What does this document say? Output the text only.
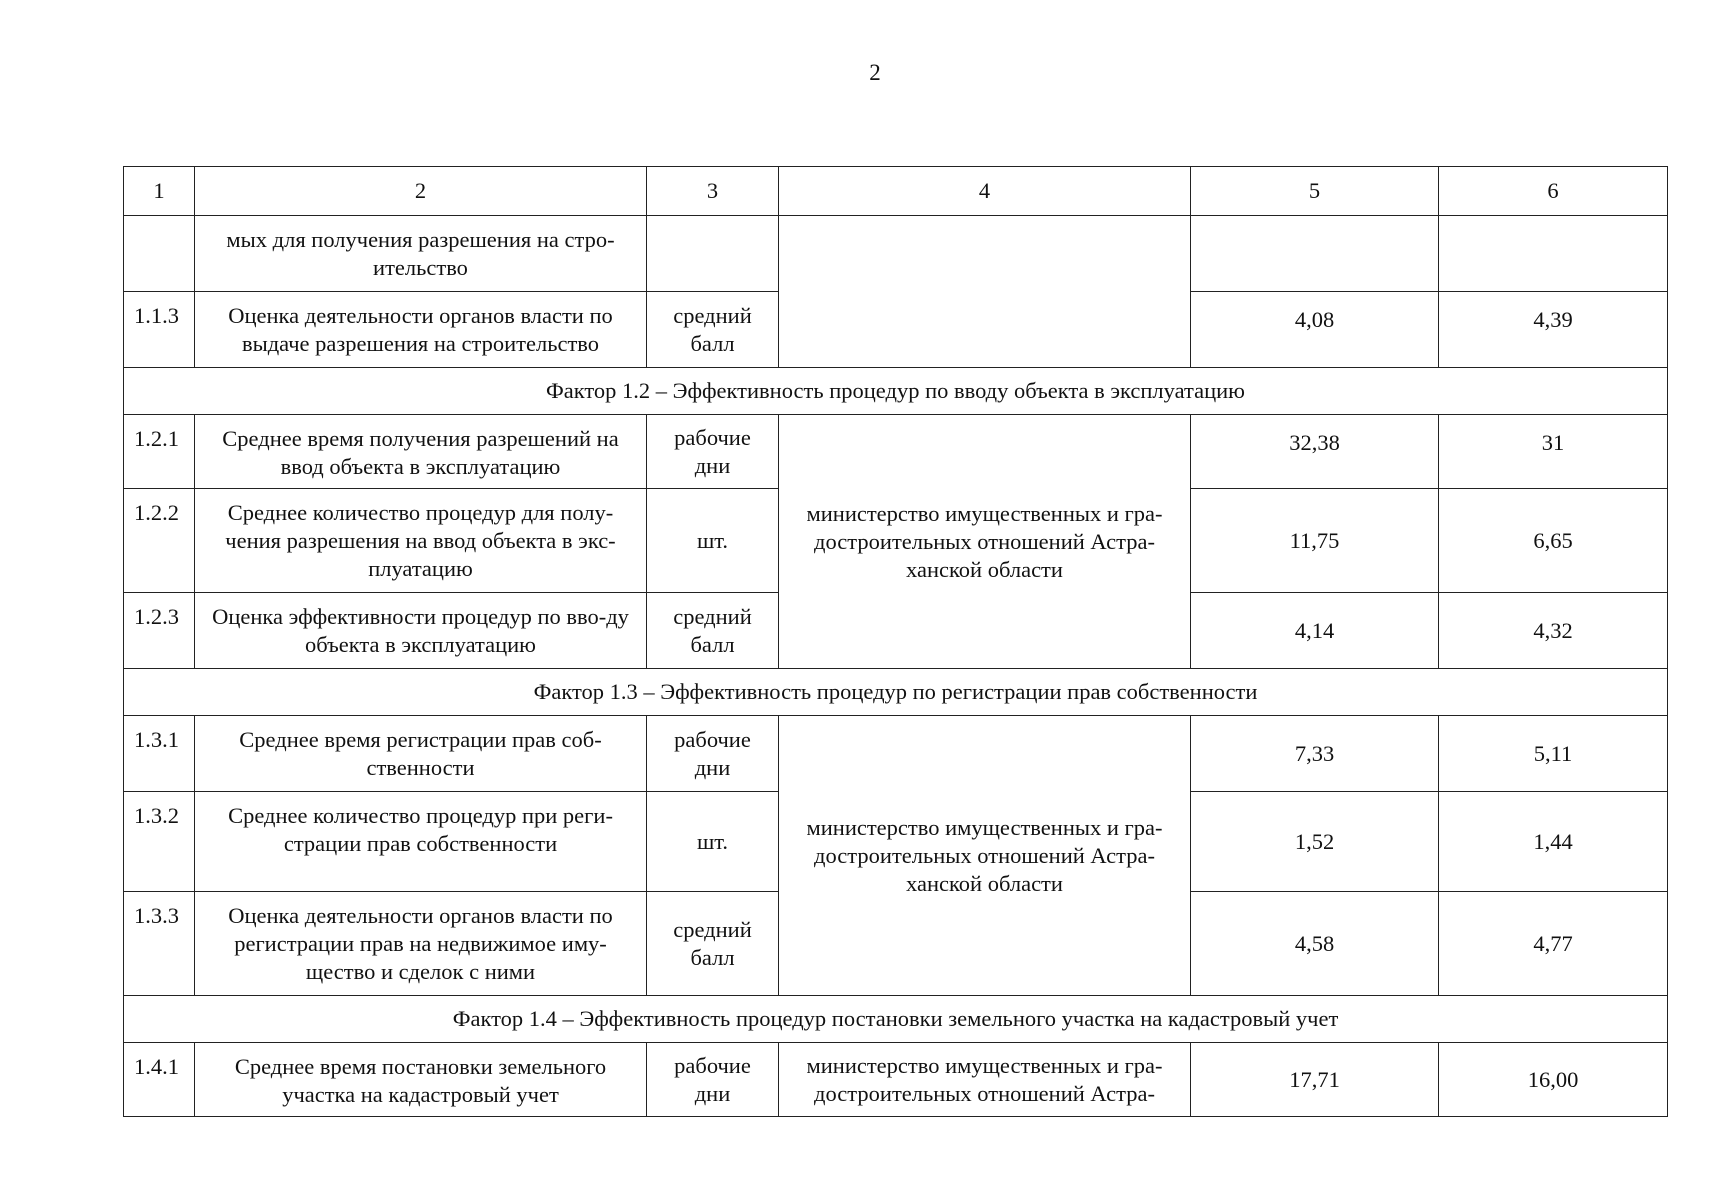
2
1	2	3	4	5	6
	мых для получения разрешения на стро-ительство				
1.1.3	Оценка деятельности органов власти по выдаче разрешения на строительство	средний балл		4,08	4,39
Фактор 1.2 – Эффективность процедур по вводу объекта в эксплуатацию					
1.2.1	Среднее время получения разрешений на ввод объекта в эксплуатацию	рабочие дни	министерство имущественных и гра-достроительных отношений Астра-ханской области	32,38	31
1.2.2	Среднее количество процедур для полу-чения разрешения на ввод объекта в экс-плуатацию	шт.		11,75	6,65
1.2.3	Оценка эффективности процедур по вво-ду объекта в эксплуатацию	средний балл		4,14	4,32
Фактор 1.3 – Эффективность процедур по регистрации прав собственности					
1.3.1	Среднее время регистрации прав соб-ственности	рабочие дни	министерство имущественных и гра-достроительных отношений Астра-ханской области	7,33	5,11
1.3.2	Среднее количество процедур при реги-страции прав собственности	шт.		1,52	1,44
1.3.3	Оценка деятельности органов власти по регистрации прав на недвижимое иму-щество и сделок с ними	средний балл		4,58	4,77
Фактор 1.4 – Эффективность процедур постановки земельного участка на кадастровый учет					
1.4.1	Среднее время постановки земельного участка на кадастровый учет	рабочие дни	министерство имущественных и гра-достроительных отношений Астра-	17,71	16,00
